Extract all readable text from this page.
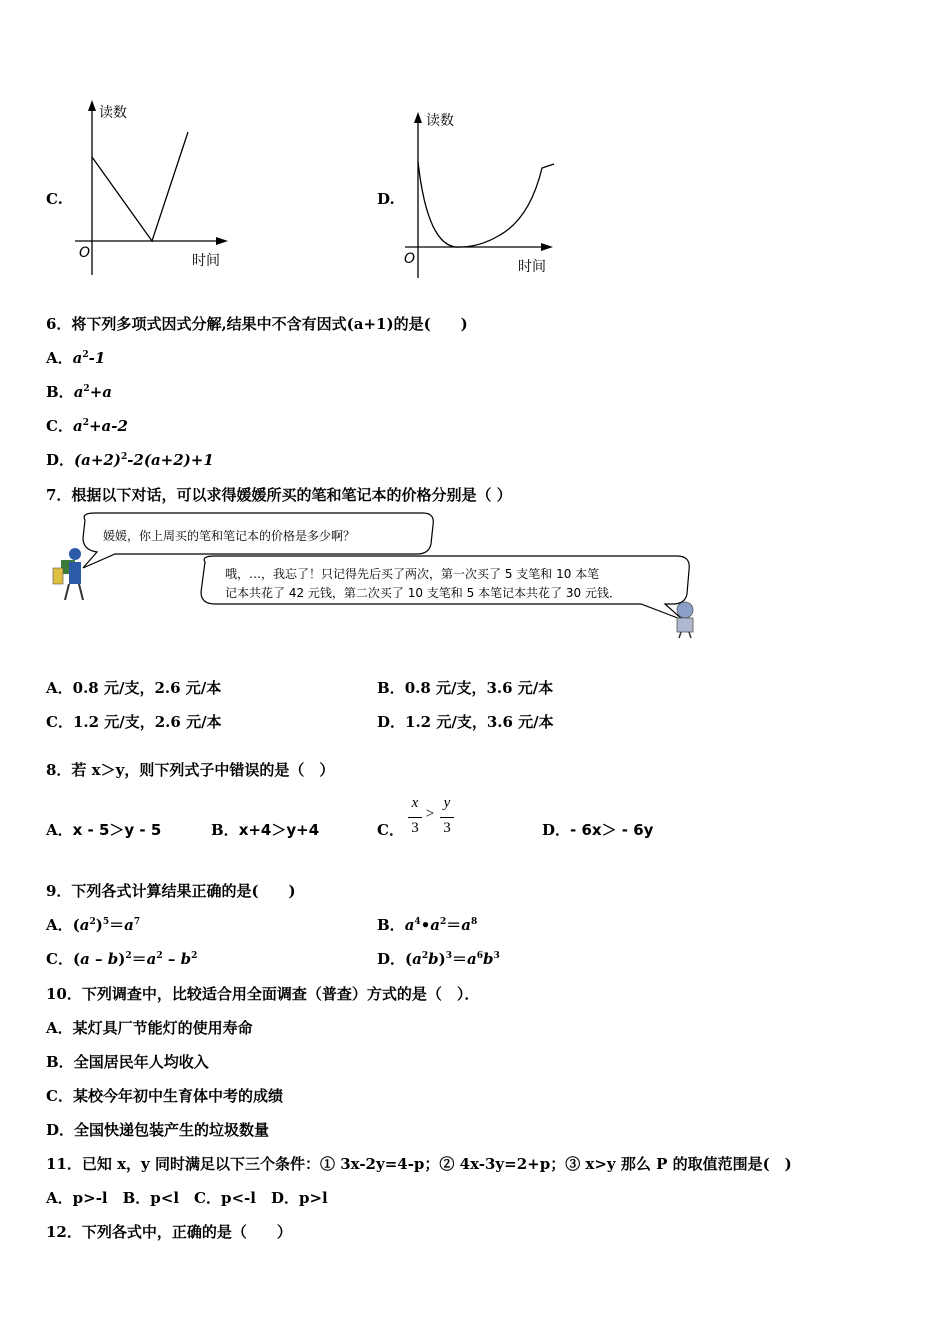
C.
读数
时间
O
D.
读数
时间
O
6．将下列多项式因式分解,结果中不含有因式(a+1)的是(　　)
A．$a^2-1$
B．$a^2+a$
C．$a^2+a-2$
D．$(a+2)^2-2(a+2)+1$
7．根据以下对话，可以求得媛媛所买的笔和笔记本的价格分别是（ ）
媛媛，你上周买的笔和笔记本的价格是多少啊？
哦，…，我忘了！只记得先后买了两次，第一次买了 5 支笔和 10 本笔
记本共花了 42 元钱，第二次买了 10 支笔和 5 本笔记本共花了 30 元钱．
A．0.8 元/支，2.6 元/本	B．0.8 元/支，3.6 元/本
C．1.2 元/支，2.6 元/本	D．1.2 元/支，3.6 元/本
8．若 x＞y，则下列式子中错误的是（　）
A．x - 5＞y - 5	B．x+4＞y+4	C．
x
3
>
y
3	D．- 6x＞ - 6y
9．下列各式计算结果正确的是(　　)
A．$(a^2)^5=a^7$	B．$a^4•a^2=a^8$
C．$(a - b)^2=a^2 - b^2$	D．$(a^2b)^3=a^6b^3$
10．下列调查中，比较适合用全面调查（普查）方式的是（　）．
A．某灯具厂节能灯的使用寿命
B．全国居民年人均收入
C．某校今年初中生育体中考的成绩
D．全国快递包装产生的垃圾数量
11．已知 x，y 同时满足以下三个条件：① 3x-2y=4-p；② 4x-3y=2+p；③ x>y 那么 P 的取值范围是(　)
A．p>-l　B．p<l　C．p<-l　D．p>l
12．下列各式中，正确的是（　　）
